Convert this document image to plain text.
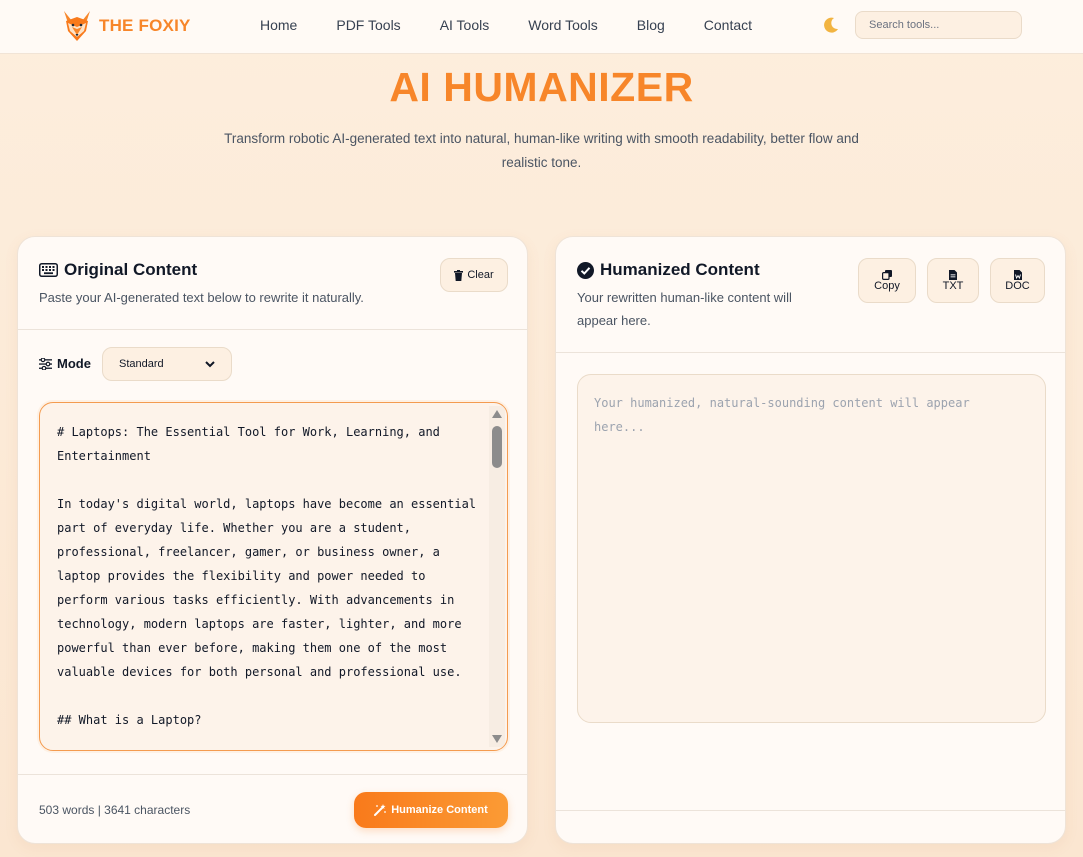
THE FOXIY	Home	PDF Tools	AI Tools	Word Tools	Blog	Contact
Search tools...
AI HUMANIZER

Transform robotic AI-generated text into natural, human-like writing with smooth readability, better flow and realistic tone.

Original Content
Paste your AI-generated text below to rewrite it naturally.
Clear
Mode	Standard
# Laptops: The Essential Tool for Work, Learning, and Entertainment

In today's digital world, laptops have become an essential part of everyday life. Whether you are a student, professional, freelancer, gamer, or business owner, a laptop provides the flexibility and power needed to perform various tasks efficiently. With advancements in technology, modern laptops are faster, lighter, and more powerful than ever before, making them one of the most valuable devices for both personal and professional use.

## What is a Laptop?
503 words | 3641 characters	Humanize Content
Humanized Content
Your rewritten human-like content will appear here.
Copy	TXT	DOC
Your humanized, natural-sounding content will appear here...
